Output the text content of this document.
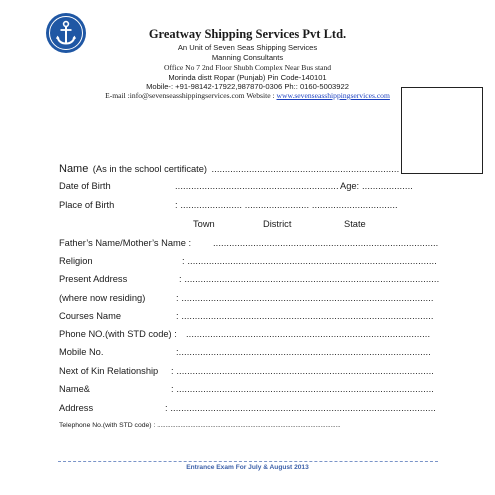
Greatway Shipping Services Pvt Ltd.
An Unit of Seven Seas Shipping Services
Manning Consultants
Office No 7 2nd Floor Shubh Complex Near Bus stand
Morinda distt Ropar (Punjab) Pin Code-140101
Mobile-: +91-98142-17922,987870-0306 Ph:: 0160-5003922
E-mail :info@sevenseasshippingservices.com Website : www.sevenseasshippingservices.com
Name (As in the school certificate) ......................................................................
Date of Birth	............................................................. Age: ...................
Place of Birth	: ....................... ........................ ................................
Town	District	State
Father’s Name/Mother’s Name : ....................................................................................
Religion	: .............................................................................................
Present Address	: ...............................................................................................
(where now residing)	: ..............................................................................................
Courses Name	: ..............................................................................................
Phone NO.(with STD code) : ...........................................................................................
Mobile No.	:..............................................................................................
Next of Kin Relationship : ................................................................................................
Name&	: ................................................................................................
Address	: ...................................................................................................
Telephone No.(with STD code) : ..............................................................................................................
Entrance Exam For July & August 2013
